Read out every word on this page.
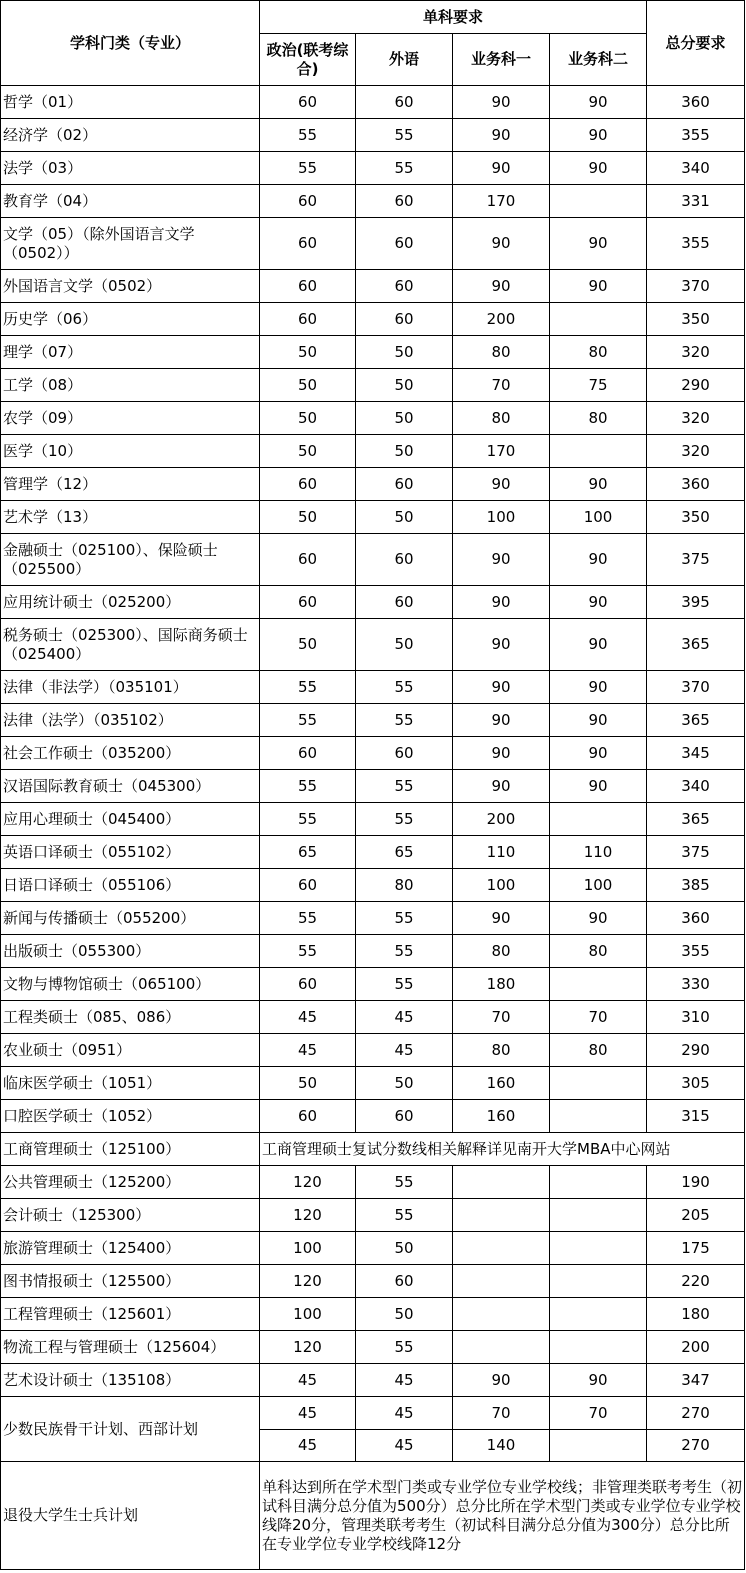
学科门类（专业）	单科要求				总分要求
	政治(联考综合)	外语	业务科一	业务科二	
哲学（01）	60	60	90	90	360
经济学（02）	55	55	90	90	355
法学（03）	55	55	90	90	340
教育学（04）	60	60	170		331
文学（05）（除外国语言文学（0502））	60	60	90	90	355
外国语言文学（0502）	60	60	90	90	370
历史学（06）	60	60	200		350
理学（07）	50	50	80	80	320
工学（08）	50	50	70	75	290
农学（09）	50	50	80	80	320
医学（10）	50	50	170		320
管理学（12）	60	60	90	90	360
艺术学（13）	50	50	100	100	350
金融硕士（025100）、保险硕士（025500）	60	60	90	90	375
应用统计硕士（025200）	60	60	90	90	395
税务硕士（025300）、国际商务硕士（025400）	50	50	90	90	365
法律（非法学）（035101）	55	55	90	90	370
法律（法学）（035102）	55	55	90	90	365
社会工作硕士（035200）	60	60	90	90	345
汉语国际教育硕士（045300）	55	55	90	90	340
应用心理硕士（045400）	55	55	200		365
英语口译硕士（055102）	65	65	110	110	375
日语口译硕士（055106）	60	80	100	100	385
新闻与传播硕士（055200）	55	55	90	90	360
出版硕士（055300）	55	55	80	80	355
文物与博物馆硕士（065100）	60	55	180		330
工程类硕士（085、086）	45	45	70	70	310
农业硕士（0951）	45	45	80	80	290
临床医学硕士（1051）	50	50	160		305
口腔医学硕士（1052）	60	60	160		315
工商管理硕士（125100）	工商管理硕士复试分数线相关解释详见南开大学MBA中心网站				
公共管理硕士（125200）	120	55			190
会计硕士（125300）	120	55			205
旅游管理硕士（125400）	100	50			175
图书情报硕士（125500）	120	60			220
工程管理硕士（125601）	100	50			180
物流工程与管理硕士（125604）	120	55			200
艺术设计硕士（135108）	45	45	90	90	347
少数民族骨干计划、西部计划	45	45	70	70	270
	45	45	140		270
退役大学生士兵计划	单科达到所在学术型门类或专业学位专业学校线；非管理类联考考生（初试科目满分总分值为500分）总分比所在学术型门类或专业学位专业学校线降20分，管理类联考考生（初试科目满分总分值为300分）总分比所在专业学位专业学校线降12分				
